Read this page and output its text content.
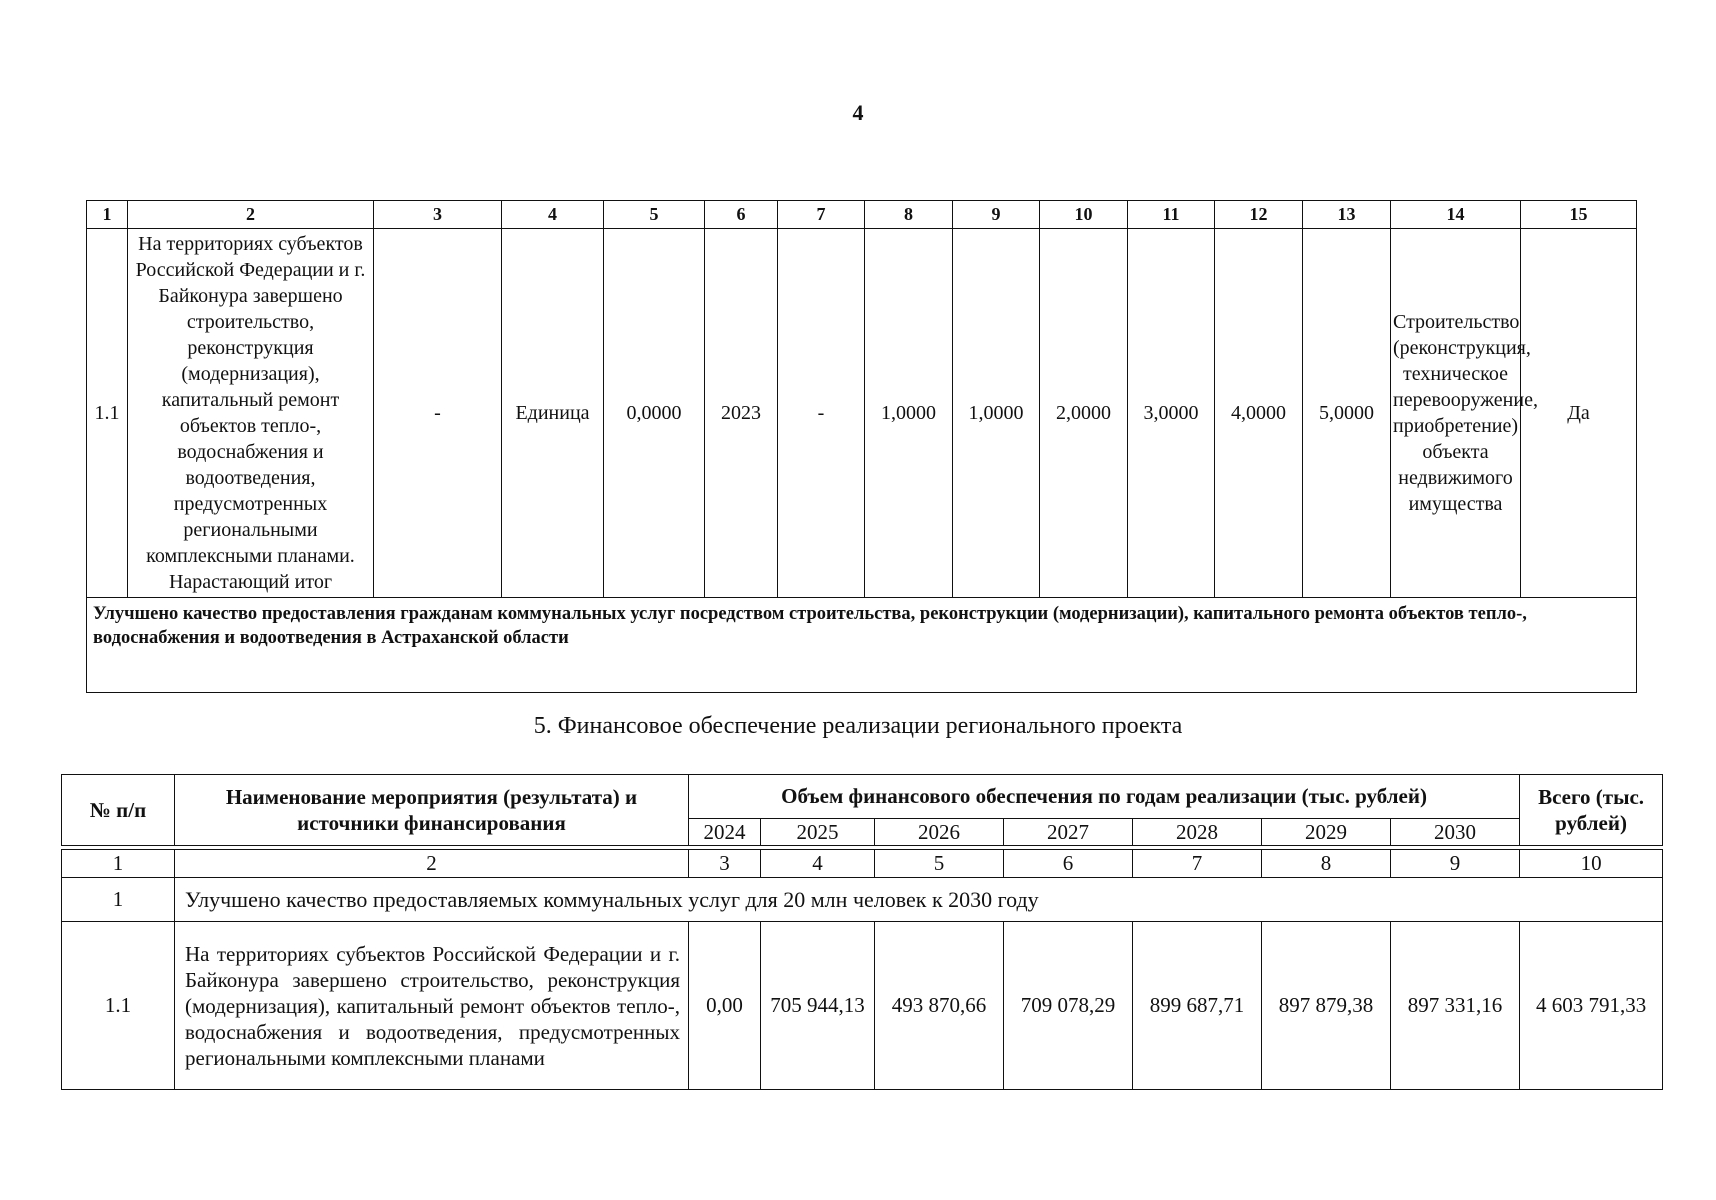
4
1	2	3	4	5	6	7	8	9	10	11	12	13	14	15
1.1	На территориях субъектов Российской Федерации и г. Байконура завершено строительство, реконструкция (модернизация), капитальный ремонт объектов тепло-, водоснабжения и водоотведения, предусмотренных региональными комплексными планами. Нарастающий итог	-	Единица	0,0000	2023	-	1,0000	1,0000	2,0000	3,0000	4,0000	5,0000	Строительство (реконструкция, техническое перевооружение, приобретение) объекта недвижимого имущества	Да
Улучшено качество предоставления гражданам коммунальных услуг посредством строительства, реконструкции (модернизации), капитального ремонта объектов тепло-, водоснабжения и водоотведения в Астраханской области														
5. Финансовое обеспечение реализации регионального проекта
№ п/п	Наименование мероприятия (результата) и источники финансирования	Объем финансового обеспечения по годам реализации (тыс. рублей)							Всего (тыс. рублей)
		2024	2025	2026	2027	2028	2029	2030	

1	2	3	4	5	6	7	8	9	10
1	Улучшено качество предоставляемых коммунальных услуг для 20 млн человек к 2030 году								
1.1	На территориях субъектов Российской Федерации и г. Байконура завершено строительство, реконструкция (модернизация), капитальный ремонт объектов тепло-, водоснабжения и водоотведения, предусмотренных региональными комплексными планами	0,00	705 944,13	493 870,66	709 078,29	899 687,71	897 879,38	897 331,16	4 603 791,33
